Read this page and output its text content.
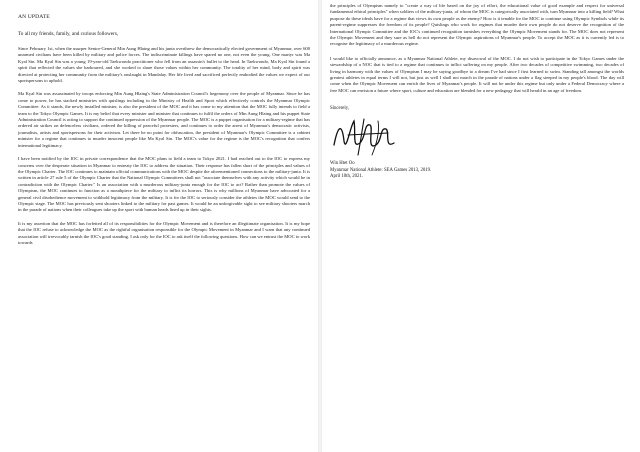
AN UPDATE
To all my friends, family, and curious followers,

Since February 1st, when the usurper Senior-General Min Aung Hlaing and his junta overthrew the democratically elected government of Myanmar, over 600 unarmed civilians have been killed by military and police forces. The indiscriminate killings have spared no one, not even the young. One martyr was Ma Kyal Sin. Ma Kyal Sin was a young 19-year-old Taekwondo practitioner who fell from an assassin's bullet to the head. In Taekwondo, Ma Kyal Sin found a spirit that reflected the values she harboured, and she worked to share those values within her community. The totality of her mind, body and spirit was directed at protecting her community from the military's onslaught in Mandalay. Her life lived and sacrificed perfectly embodied the values we expect of our sportspersons to uphold.

Ma Kyal Sin was assassinated by troops enforcing Min Aung Hlaing's State Administration Council's hegemony over the people of Myanmar. Since he has come to power, he has stacked ministries with quislings including in the Ministry of Health and Sport which effectively controls the Myanmar Olympic Committee. As it stands, the newly installed minister, is also the president of the MOC and it has come to my attention that the MOC fully intends to field a team to the Tokyo Olympic Games. It is my belief that every minister and minister that continues to fulfil the orders of Min Aung Hlaing and his puppet State Administration Council is acting to support the continued oppression of the Myanmar people. The MOC is a puppet organisation for a military-regime that has ordered air strikes on defenceless civilians, ordered the killing of peaceful protesters, and continues to order the arrest of Myanmar's democratic activists, journalists, artists and sportspersons for their activism. Let there be no point for obfuscation, the president of Myanmar's Olympic Committee is a cabinet minister for a regime that continues to murder innocent people like Ma Kyal Sin. The MOC's value for the regime is the MOC's recognition that confers international legitimacy.

I have been notified by the IOC in private correspondence that the MOC plans to field a team to Tokyo 2021. I had reached out to the IOC to express my concerns over the desperate situation in Myanmar to entreaty the IOC to address the situation. Their response has fallen short of the principles and values of the Olympic Charter. The IOC continues to maintain official communications with the MOC despite the aforementioned connections to the military-junta. It is written in article 27 rule 5 of the Olympic Charter that the National Olympic Committees shall not "associate themselves with any activity which would be in contradiction with the Olympic Charter." Is an association with a murderous military-junta enough for the IOC to act? Rather than promote the values of Olympism, the MOC continues to function as a mouthpiece for the military to inflict its horrors. This is why millions of Myanmar have advocated for a general civil disobedience movement to withhold legitimacy from the military. It is for the IOC to seriously consider the athletes the MOC would send to the Olympic stage. The MOC has previously sent shooters linked to the military for past games. It would be an unforgivable sight to see military shooters march in the parade of nations when their colleagues take up the sport with human heads lined up in their sights.

It is my assertion that the MOC has forfeited all of its responsibilities for the Olympic Movement and is therefore an illegitimate organisation. It is my hope that the IOC refuse to acknowledge the MOC as the rightful organisation responsible for the Olympic Movement in Myanmar and I warn that any continued association will irrevocably tarnish the IOC's good standing. I ask only for the IOC to ask itself the following questions. How can we entrust the MOC to work towards

the principles of Olympism namely to "create a way of life based on the joy of effort, the educational value of good example and respect for universal fundamental ethical principles" when soldiers of the military-junta, of whom the MOC is categorically associated with, turn Myanmar into a killing field? What purpose do these ideals have for a regime that views its own people as the enemy? How is it tenable for the MOC to continue using Olympic Symbols while its parent-regime suppresses the freedom of its people? Quislings who work for regimes that murder their own people do not deserve the recognition of the International Olympic Committee and the IOC's continued recognition tarnishes everything the Olympic Movement stands for. The MOC does not represent the Olympic Movement and they sure as hell do not represent the Olympic aspirations of Myanmar's people. To accept the MOC as it is currently led is to recognise the legitimacy of a murderous regime.

I would like to officially announce, as a Myanmar National Athlete, my disavowal of the MOC. I do not wish to participate in the Tokyo Games under the stewardship of a NOC that is tied to a regime that continues to inflict suffering on my people. After two decades of competitive swimming, two decades of living in harmony with the values of Olympism I may be saying goodbye to a dream I've had since I first learned to swim. Standing tall amongst the worlds greatest athletes in equal terms I will not, but just as well I shall not march in the parade of nations under a flag steeped in my people's blood. The day will come when the Olympic Movement can enrich the lives of Myanmar's people. It will not be under this regime but only under a Federal Democracy where a free MOC can envision a future where sport, culture and education are blended for a new pedagogy that will herald in an age of freedom.

Sincerely,
Win Htet Oo
Myanmar National Athlete: SEA Games 2013, 2019.
April 10th, 2021.
